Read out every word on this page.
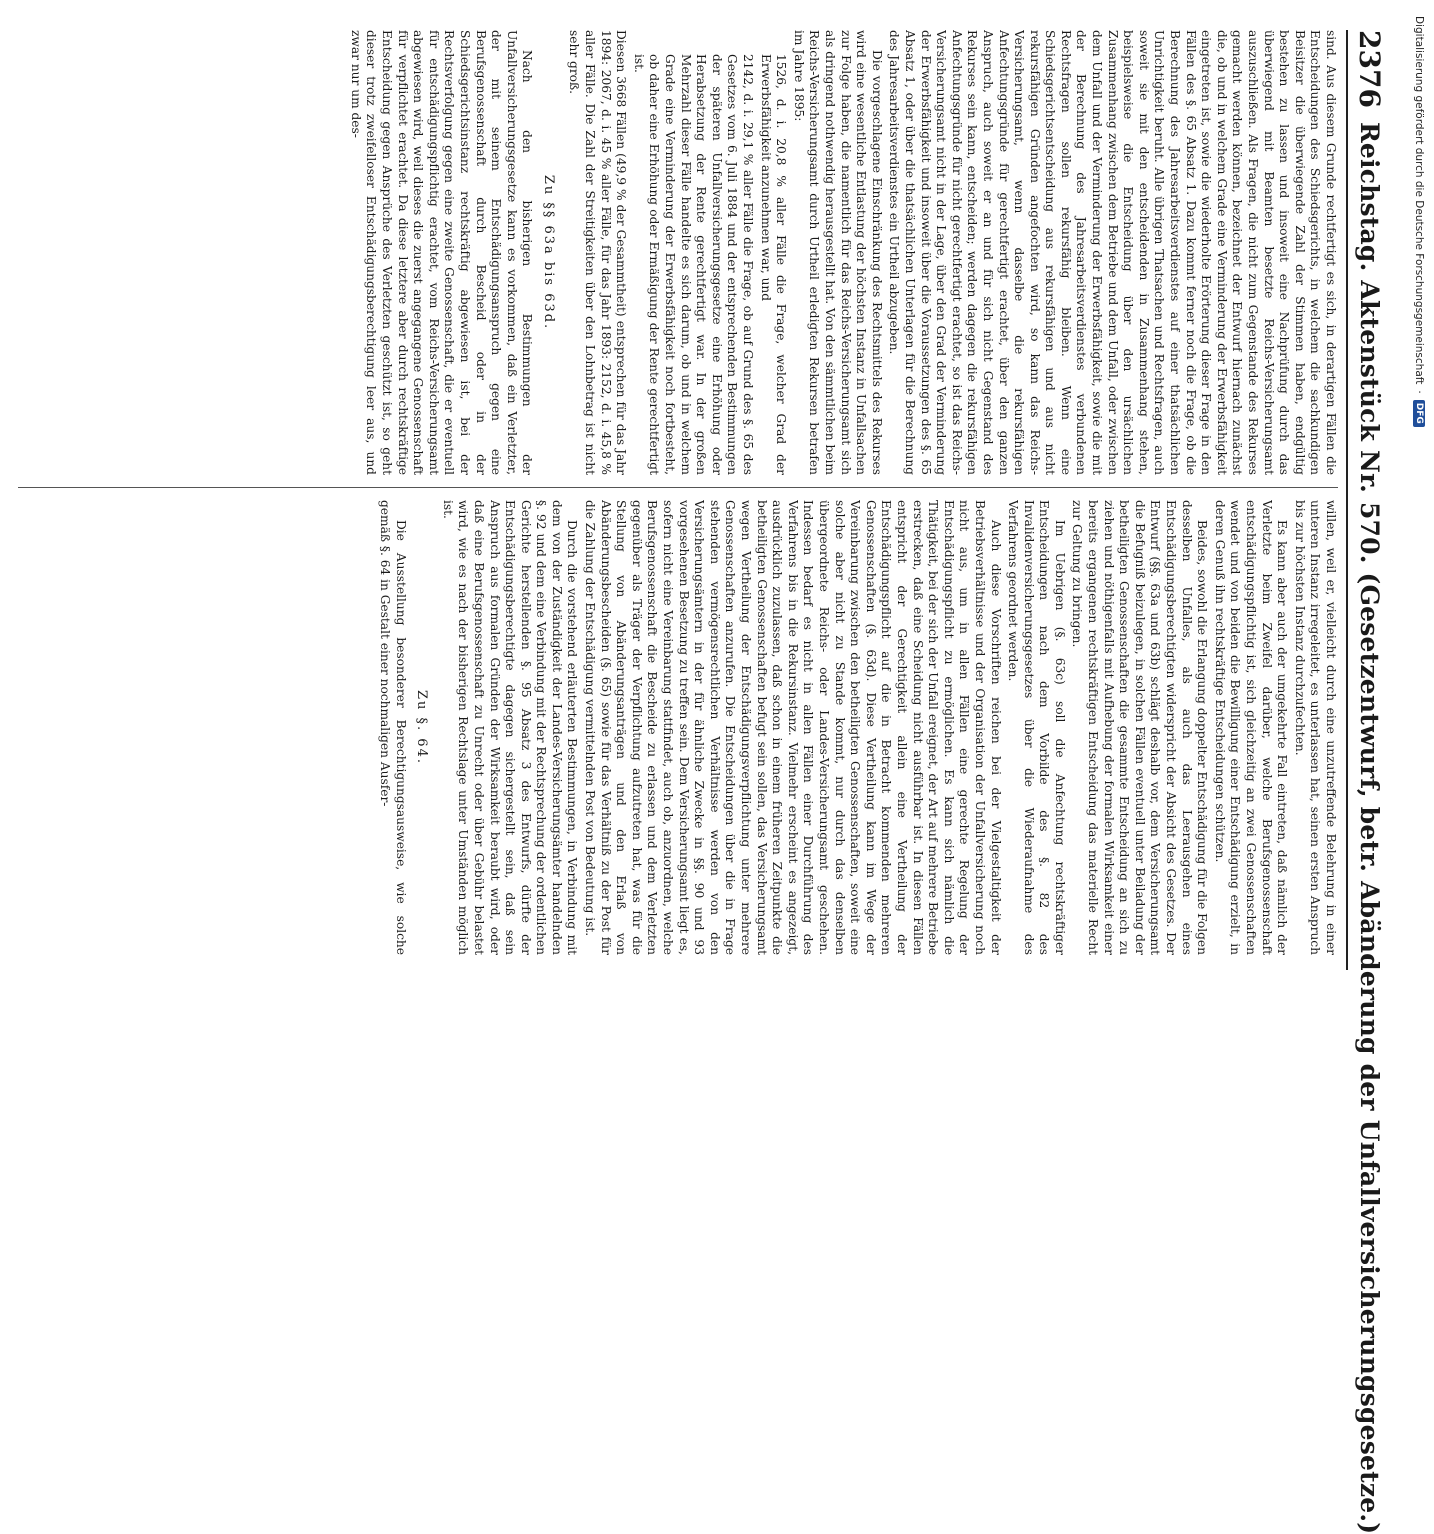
2376
Reichstag. Aktenstück Nr. 570. (Gesetzentwurf, betr. Abänderung der Unfallversicherungsgesetze.)

sind. Aus diesem Grunde rechtfertigt es sich, in derartigen Fällen die Entscheidungen des Schiedsgerichts, in welchem die sachkundigen Beisitzer die überwiegende Zahl der Stimmen haben, endgültig bestehen zu lassen und insoweit eine Nachprüfung durch das überwiegend mit Beamten besetzte Reichs-Versicherungsamt auszuschließen. Als Fragen, die nicht zum Gegenstande des Rekurses gemacht werden können, bezeichnet der Entwurf hiernach zunächst die, ob und in welchem Grade eine Verminderung der Erwerbsfähigkeit eingetreten ist, sowie die wiederholte Erörterung dieser Frage in den Fällen des §. 65 Absatz 1. Dazu kommt ferner noch die Frage, ob die Berechnung des Jahresarbeitsverdienstes auf einer thatsächlichen Unrichtigkeit beruht. Alle übrigen Thatsachen und Rechtsfragen, auch soweit sie mit den entscheidenden in Zusammenhang stehen, beispielsweise die Entscheidung über den ursächlichen Zusammenhang zwischen dem Betriebe und dem Unfall, oder zwischen dem Unfall und der Verminderung der Erwerbsfähigkeit, sowie die mit der Berechnung des Jahresarbeitsverdienstes verbundenen Rechtsfragen sollen rekursfähig bleiben. Wenn eine Schiedsgerichtsentscheidung aus rekursfähigen und aus nicht rekursfähigen Gründen angefochten wird, so kann das Reichs-Versicherungsamt, wenn dasselbe die rekursfähigen Anfechtungsgründe für gerechtfertigt erachtet, über den ganzen Anspruch, auch soweit er an und für sich nicht Gegenstand des Rekurses sein kann, entscheiden; werden dagegen die rekursfähigen Anfechtungsgründe für nicht gerechtfertigt erachtet, so ist das Reichs-Versicherungsamt nicht in der Lage, über den Grad der Verminderung der Erwerbsfähigkeit und insoweit über die Voraussetzungen des §. 65 Absatz 1, oder über die thatsächlichen Unterlagen für die Berechnung des Jahresarbeitsverdienstes ein Urtheil abzugeben.

Die vorgeschlagene Einschränkung des Rechtsmittels des Rekurses wird eine wesentliche Entlastung der höchsten Instanz in Unfallsachen zur Folge haben, die namentlich für das Reichs-Versicherungsamt sich als dringend nothwendig herausgestellt hat. Von den sämmtlichen beim Reichs-Versicherungsamt durch Urtheil erledigten Rekursen betrafen im Jahre 1895:

1526, d. i. 20,8 % aller Fälle die Frage, welcher Grad der Erwerbsfähigkeit anzunehmen war, und

2142, d. i. 29,1 % aller Fälle die Frage, ob auf Grund des §. 65 des Gesetzes vom 6. Juli 1884 und der entsprechenden Bestimmungen der späteren Unfallversicherungsgesetze eine Erhöhung oder Herabsetzung der Rente gerechtfertigt war. In der großen Mehrzahl dieser Fälle handelte es sich darum, ob und in welchem Grade eine Verminderung der Erwerbsfähigkeit noch fortbesteht, ob daher eine Erhöhung oder Ermäßigung der Rente gerechtfertigt ist.

Diesen 3668 Fällen (49,9 % der Gesammtheit) entsprechen für das Jahr 1894: 2067, d. i. 45 % aller Fälle, für das Jahr 1893: 2152, d. i. 45,8 % aller Fälle. Die Zahl der Streitigkeiten über den Lohnbetrag ist nicht sehr groß.

Zu §§ 63a bis 63d.

Nach den bisherigen Bestimmungen der Unfallversicherungsgesetze kann es vorkommen, daß ein Verletzter, der mit seinem Entschädigungsanspruch gegen eine Berufsgenossenschaft durch Bescheid oder in der Schiedsgerichtsinstanz rechtskräftig abgewiesen ist, bei der Rechtsverfolgung gegen eine zweite Genossenschaft, die er eventuell für entschädigungspflichtig erachtet, vom Reichs-Versicherungsamt abgewiesen wird, weil dieses die zuerst angegangene Genossenschaft für verpflichtet erachtet. Da diese letztere aber durch rechtskräftige Entscheidung gegen Ansprüche des Verletzten geschützt ist, so geht dieser trotz zweifelloser Entschädigungsberechtigung leer aus, und zwar nur um des-

willen, weil er, vielleicht durch eine unzutreffende Belehrung in einer unteren Instanz irregeleitet, es unterlassen hat, seinen ersten Anspruch bis zur höchsten Instanz durchzufechten.

Es kann aber auch der umgekehrte Fall eintreten, daß nämlich der Verletzte beim Zweifel darüber, welche Berufsgenossenschaft entschädigungspflichtig ist, sich gleichzeitig an zwei Genossenschaften wendet und von beiden die Bewilligung einer Entschädigung erzielt, in deren Genuß ihn rechtskräftige Entscheidungen schützen.

Beides, sowohl die Erlangung doppelter Entschädigung für die Folgen desselben Unfalles, als auch das Leerausgehen eines Entschädigungsberechtigten widerspricht der Absicht des Gesetzes. Der Entwurf (§§. 63a und 63b) schlägt deshalb vor, dem Versicherungsamt die Befugniß beizulegen, in solchen Fällen eventuell unter Beiladung der betheiligten Genossenschaften die gesammte Entscheidung an sich zu ziehen und nöthigenfalls mit Aufhebung der formalen Wirksamkeit einer bereits ergangenen rechtskräftigen Entscheidung das materielle Recht zur Geltung zu bringen.

Im Uebrigen (§. 63c) soll die Anfechtung rechtskräftiger Entscheidungen nach dem Vorbilde des §. 82 des Invalidenversicherungsgesetzes über die Wiederaufnahme des Verfahrens geordnet werden.

Auch diese Vorschriften reichen bei der Vielgestaltigkeit der Betriebsverhältnisse und der Organisation der Unfallversicherung noch nicht aus, um in allen Fällen eine gerechte Regelung der Entschädigungspflicht zu ermöglichen. Es kann sich nämlich die Thätigkeit, bei der sich der Unfall ereignet, der Art auf mehrere Betriebe erstrecken, daß eine Scheidung nicht ausführbar ist. In diesen Fällen entspricht der Gerechtigkeit allein eine Vertheilung der Entschädigungspflicht auf die in Betracht kommenden mehreren Genossenschaften (§. 63d). Diese Vertheilung kann im Wege der Vereinbarung zwischen den betheiligten Genossenschaften, soweit eine solche aber nicht zu Stande kommt, nur durch das denselben übergeordnete Reichs- oder Landes-Versicherungsamt geschehen. Indessen bedarf es nicht in allen Fällen einer Durchführung des Verfahrens bis in die Rekursinstanz. Vielmehr erscheint es angezeigt, ausdrücklich zuzulassen, daß schon in einem früheren Zeitpunkte die betheiligten Genossenschaften befugt sein sollen, das Versicherungsamt wegen Vertheilung der Entschädigungsverpflichtung unter mehrere Genossenschaften anzurufen. Die Entscheidungen über die in Frage stehenden vermögensrechtlichen Verhältnisse werden von den Versicherungsämtern in der für ähnliche Zwecke in §§. 90 und 93 vorgesehenen Besetzung zu treffen sein. Dem Versicherungsamt liegt es, sofern nicht eine Vereinbarung stattfindet, auch ob, anzuordnen, welche Berufsgenossenschaft die Bescheide zu erlassen und dem Verletzten gegenüber als Träger der Verpflichtung aufzutreten hat, was für die Stellung von Abänderungsanträgen und den Erlaß von Abänderungsbescheiden (§. 65) sowie für das Verhältniß zu der Post für die Zahlung der Entschädigung vermittelnden Post von Bedeutung ist.

Durch die vorstehend erläuterten Bestimmungen, in Verbindung mit dem von der Zuständigkeit der Landes-Versicherungsämter handelnden §. 92 und dem eine Verbindung mit der Rechtsprechung der ordentlichen Gerichte herstellenden §. 95 Absatz 3 des Entwurfs, dürfte der Entschädigungsberechtigte dagegen sichergestellt sein, daß sein Anspruch aus formalen Gründen der Wirksamkeit beraubt wird, oder daß eine Berufsgenossenschaft zu Unrecht oder über Gebühr belastet wird, wie es nach der bisherigen Rechtslage unter Umständen möglich ist.

Zu §. 64.

Die Ausstellung besonderer Berechtigungsausweise, wie solche gemäß §. 64 in Gestalt einer nochmaligen Ausfer-

Digitalisierung gefördert durch die Deutsche Forschungsgemeinschaft
·
DFG
